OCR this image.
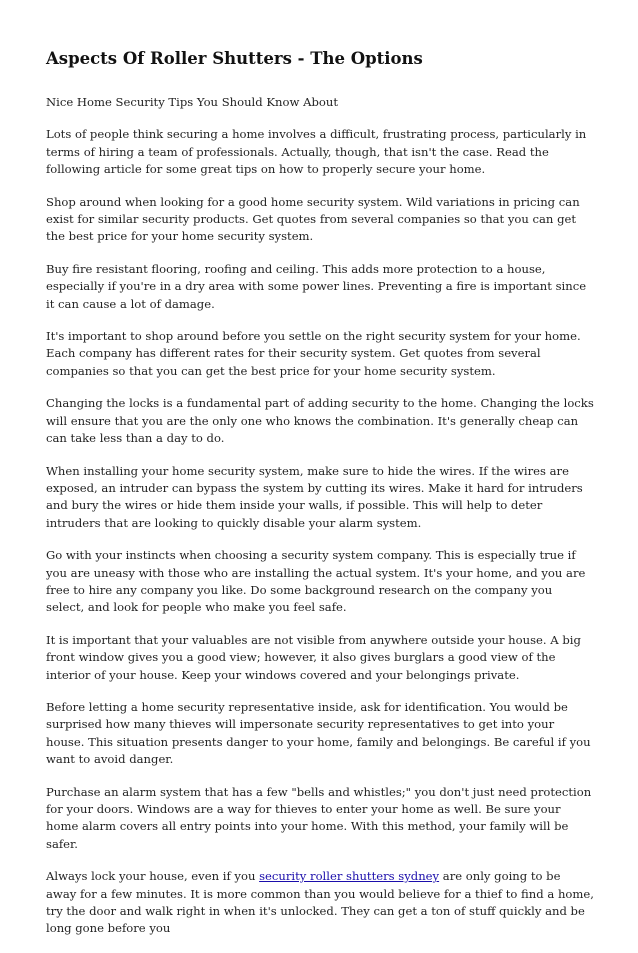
Aspects Of Roller Shutters - The Options

Nice Home Security Tips You Should Know About

Lots of people think securing a home involves a difficult, frustrating process, particularly in terms of hiring a team of professionals. Actually, though, that isn't the case. Read the following article for some great tips on how to properly secure your home.

Shop around when looking for a good home security system. Wild variations in pricing can exist for similar security products. Get quotes from several companies so that you can get the best price for your home security system.

Buy fire resistant flooring, roofing and ceiling. This adds more protection to a house, especially if you're in a dry area with some power lines. Preventing a fire is important since it can cause a lot of damage.

It's important to shop around before you settle on the right security system for your home. Each company has different rates for their security system. Get quotes from several companies so that you can get the best price for your home security system.

Changing the locks is a fundamental part of adding security to the home. Changing the locks will ensure that you are the only one who knows the combination. It's generally cheap can can take less than a day to do.

When installing your home security system, make sure to hide the wires. If the wires are exposed, an intruder can bypass the system by cutting its wires. Make it hard for intruders and bury the wires or hide them inside your walls, if possible. This will help to deter intruders that are looking to quickly disable your alarm system.

Go with your instincts when choosing a security system company. This is especially true if you are uneasy with those who are installing the actual system. It's your home, and you are free to hire any company you like. Do some background research on the company you select, and look for people who make you feel safe.

It is important that your valuables are not visible from anywhere outside your house. A big front window gives you a good view; however, it also gives burglars a good view of the interior of your house. Keep your windows covered and your belongings private.

Before letting a home security representative inside, ask for identification. You would be surprised how many thieves will impersonate security representatives to get into your house. This situation presents danger to your home, family and belongings. Be careful if you want to avoid danger.

Purchase an alarm system that has a few "bells and whistles;" you don't just need protection for your doors. Windows are a way for thieves to enter your home as well. Be sure your home alarm covers all entry points into your home. With this method, your family will be safer.

Always lock your house, even if you security roller shutters sydney are only going to be away for a few minutes. It is more common than you would believe for a thief to find a home, try the door and walk right in when it's unlocked. They can get a ton of stuff quickly and be long gone before you
